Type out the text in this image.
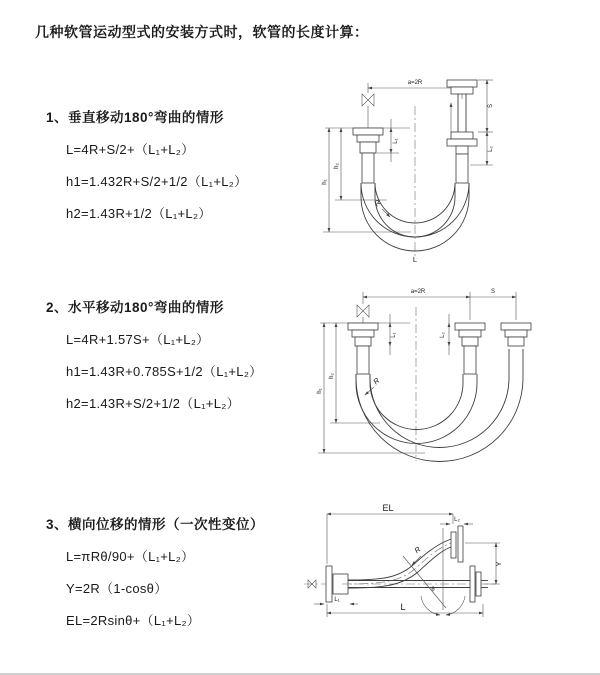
几种软管运动型式的安装方式时，软管的长度计算：
1、垂直移动180°弯曲的情形
L=4R+S/2+（L₁+L₂）
h1=1.432R+S/2+1/2（L₁+L₂）
h2=1.43R+1/2（L₁+L₂）
2、水平移动180°弯曲的情形
L=4R+1.57S+（L₁+L₂）
h1=1.43R+0.785S+1/2（L₁+L₂）
h2=1.43R+S/2+1/2（L₁+L₂）
3、横向位移的情形（一次性变位）
L=πRθ/90+（L₁+L₂）
Y=2R（1-cosθ）
EL=2Rsinθ+（L₁+L₂）
a=2R
L₁
S
L₂
h₁
h₂
R
L
a=2R	S
L₁	L₂
h₁
h₂	R
EL
L₂
Y
L
L₁
θ
R
